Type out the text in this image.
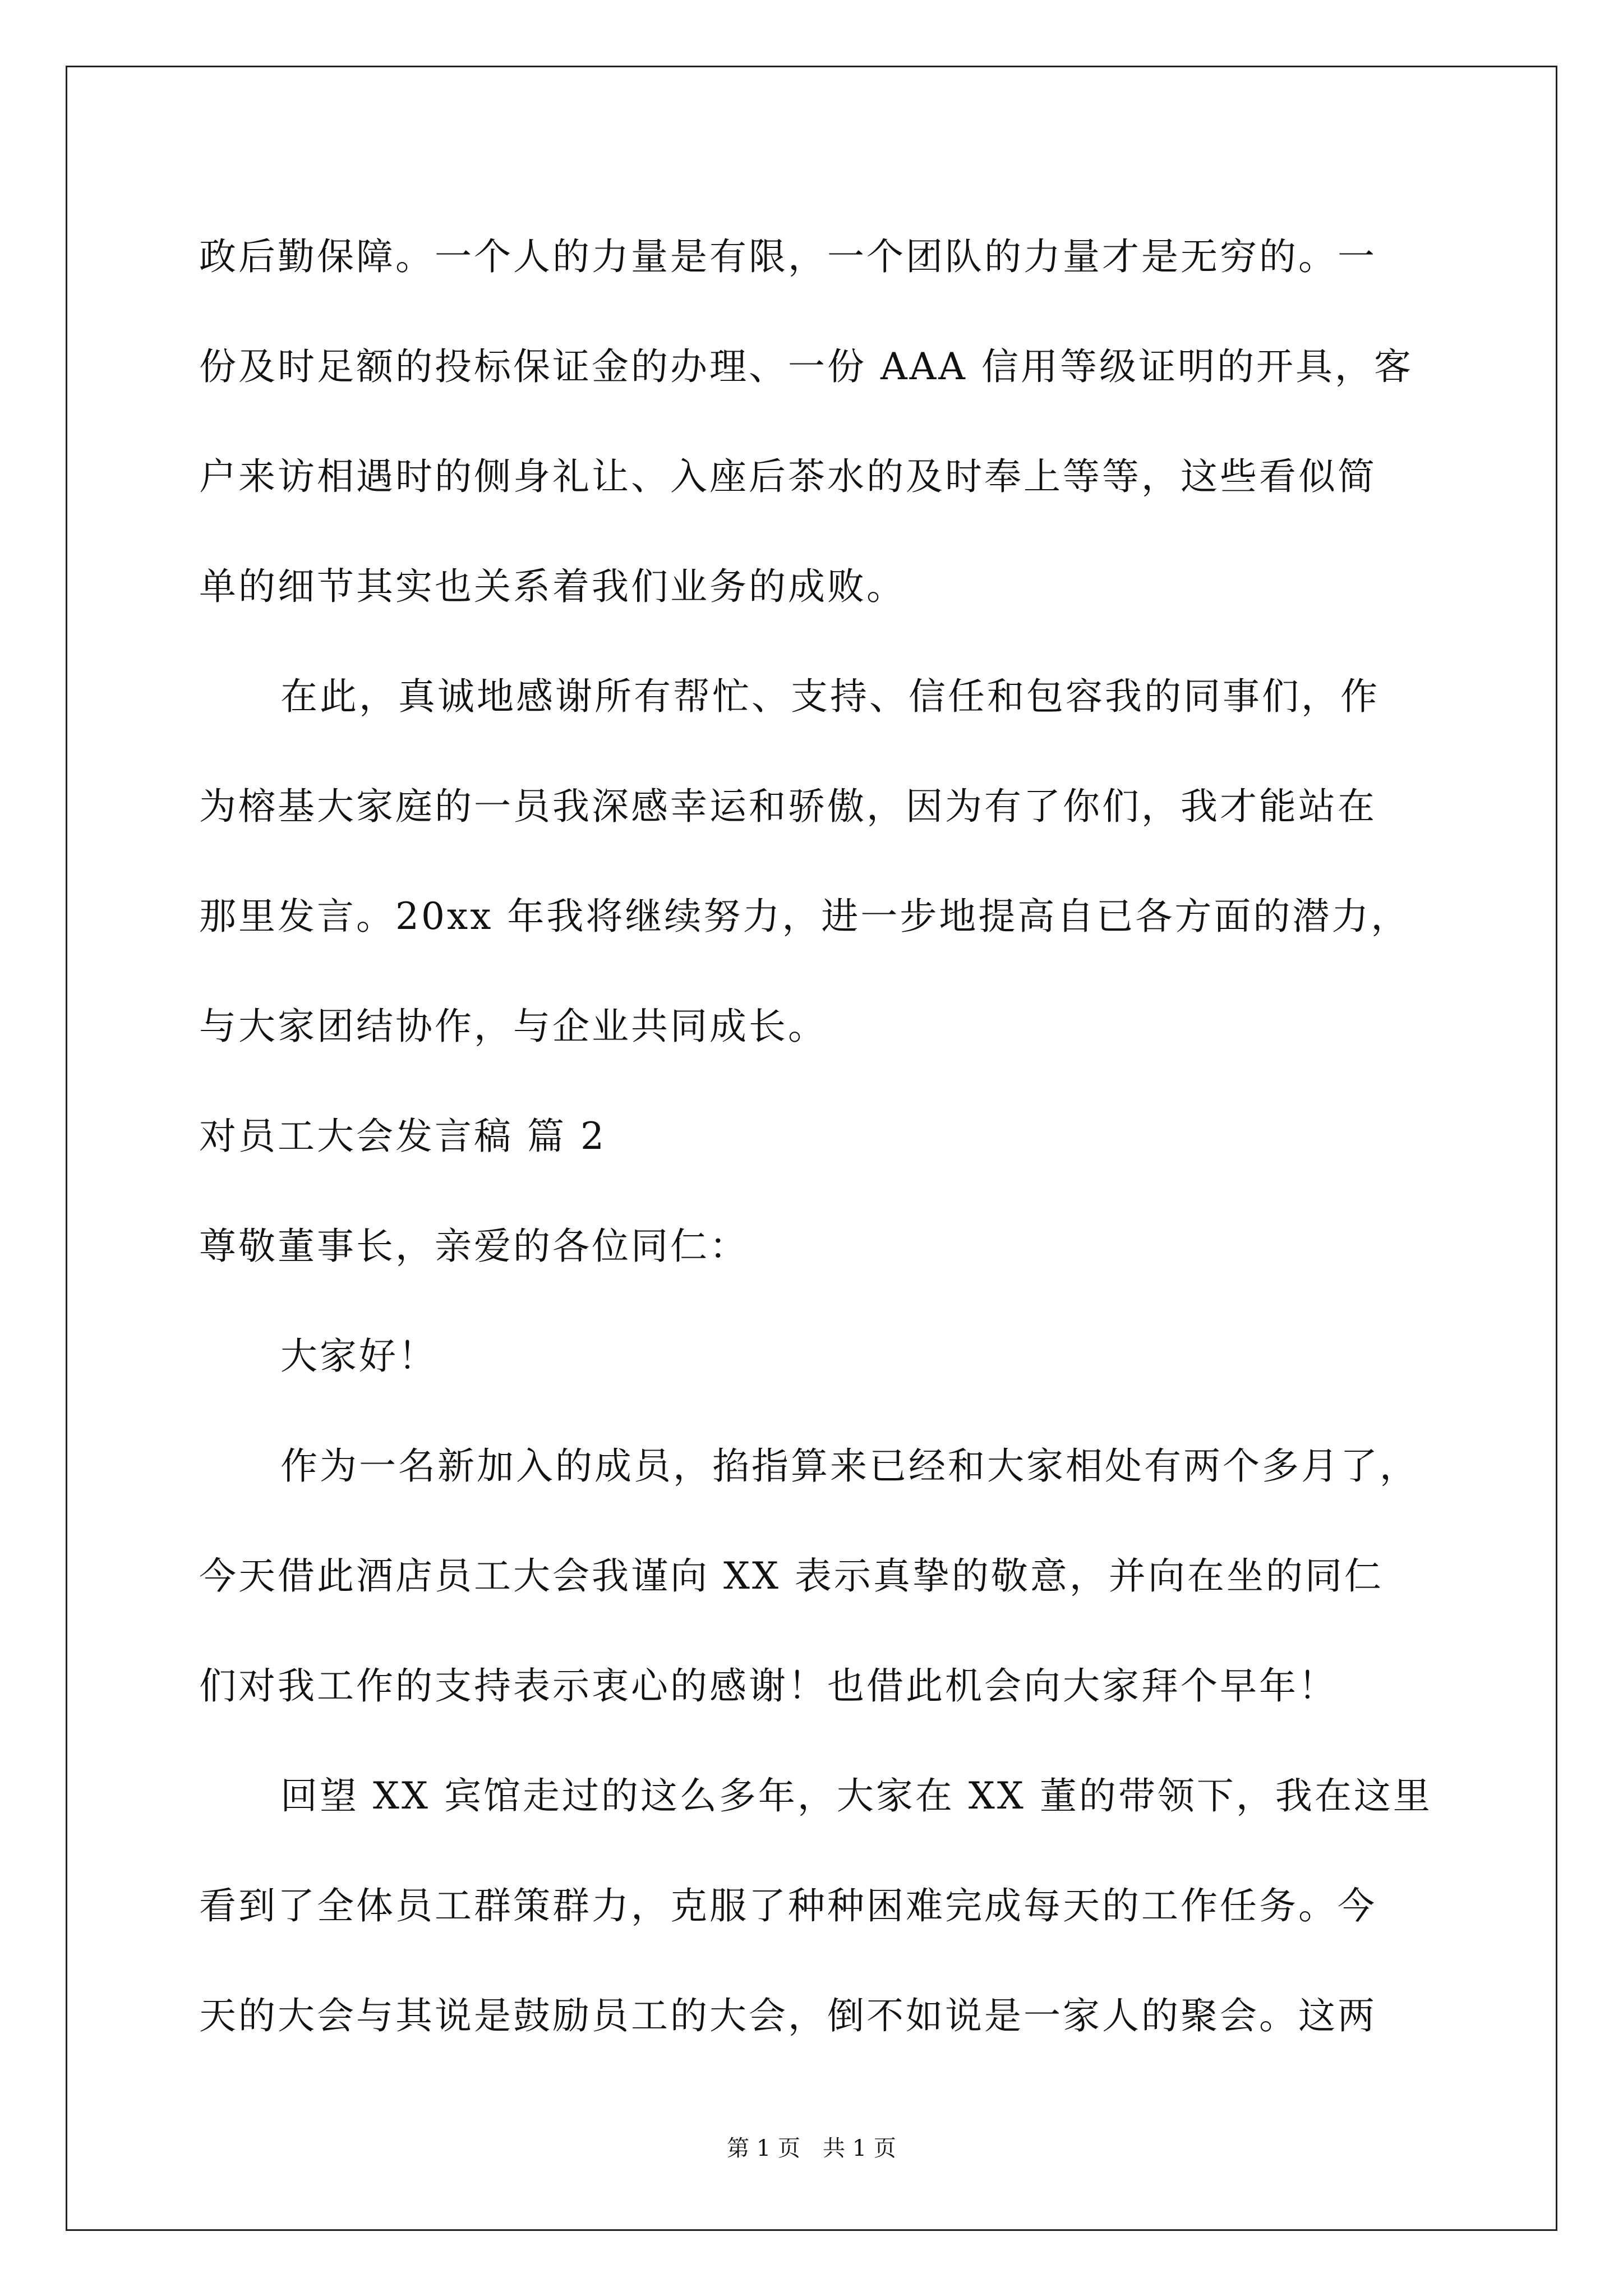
政后勤保障。一个人的力量是有限，一个团队的力量才是无穷的。一
份及时足额的投标保证金的办理、一份 AAA 信用等级证明的开具，客
户来访相遇时的侧身礼让、入座后茶水的及时奉上等等，这些看似简
单的细节其实也关系着我们业务的成败。
在此，真诚地感谢所有帮忙、支持、信任和包容我的同事们，作
为榕基大家庭的一员我深感幸运和骄傲，因为有了你们，我才能站在
那里发言。20xx 年我将继续努力，进一步地提高自已各方面的潜力，
与大家团结协作，与企业共同成长。
对员工大会发言稿 篇 2
尊敬董事长，亲爱的各位同仁：
大家好！
作为一名新加入的成员，掐指算来已经和大家相处有两个多月了，
今天借此酒店员工大会我谨向 XX 表示真挚的敬意，并向在坐的同仁
们对我工作的支持表示衷心的感谢！也借此机会向大家拜个早年！
回望 XX 宾馆走过的这么多年，大家在 XX 董的带领下，我在这里
看到了全体员工群策群力，克服了种种困难完成每天的工作任务。今
天的大会与其说是鼓励员工的大会，倒不如说是一家人的聚会。这两
第 1 页　共 1 页
